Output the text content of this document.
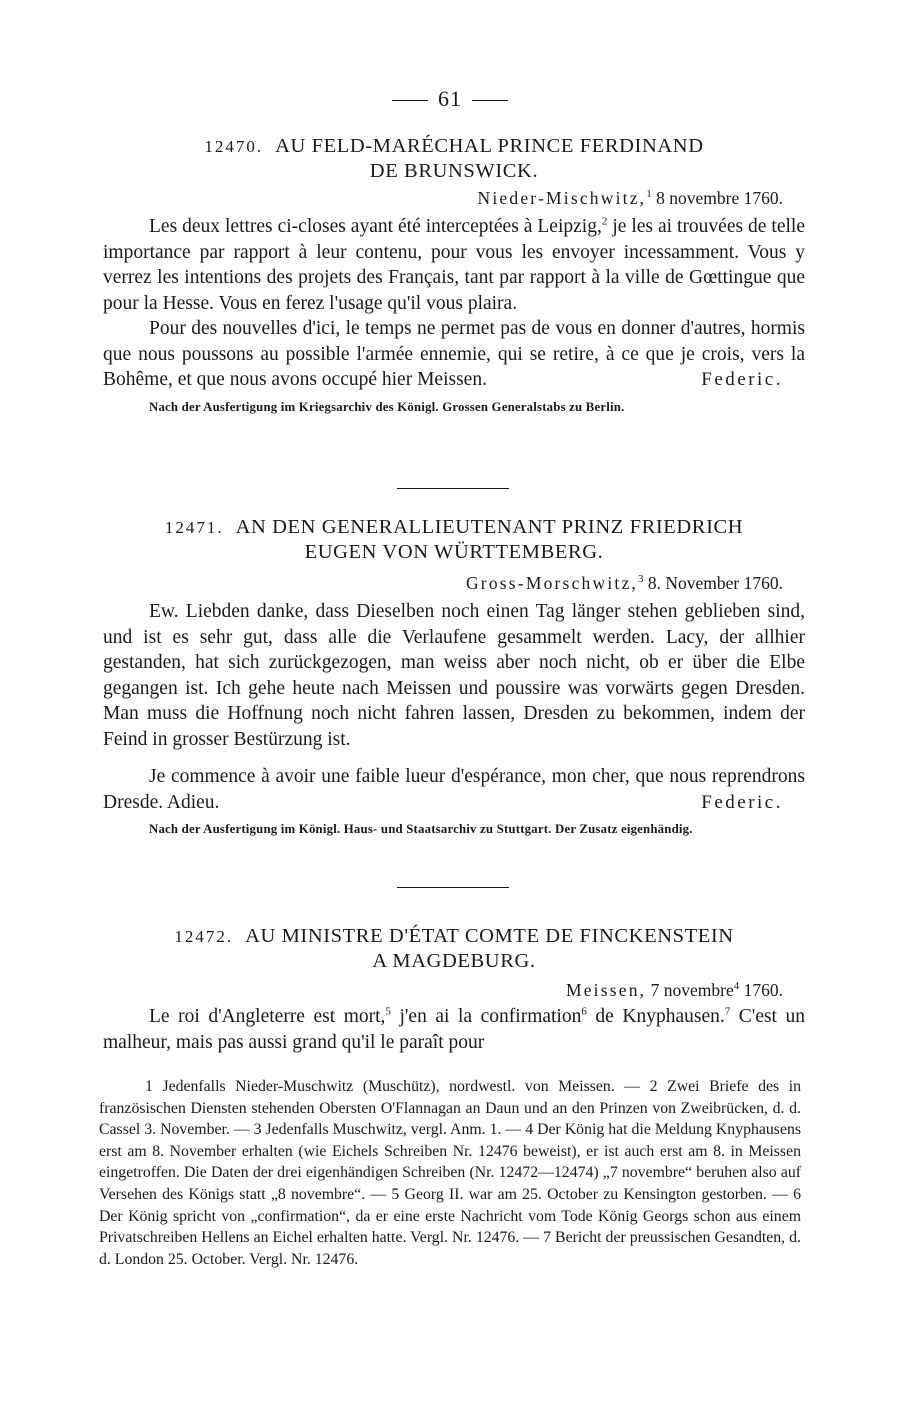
61
12470. AU FELD-MARÉCHAL PRINCE FERDINAND
DE BRUNSWICK.
Nieder-Mischwitz,$^1$ 8 novembre 1760.

Les deux lettres ci-closes ayant été interceptées à Leipzig,$^2$ je les ai trouvées de telle importance par rapport à leur contenu, pour vous les envoyer incessamment. Vous y verrez les intentions des projets des Français, tant par rapport à la ville de Gœttingue que pour la Hesse. Vous en ferez l'usage qu'il vous plaira.

Pour des nouvelles d'ici, le temps ne permet pas de vous en donner d'autres, hormis que nous poussons au possible l'armée ennemie, qui se retire, à ce que je crois, vers la Bohême, et que nous avons occupé hier Meissen.	Federic.

Nach der Ausfertigung im Kriegsarchiv des Königl. Grossen Generalstabs zu Berlin.
12471. AN DEN GENERALLIEUTENANT PRINZ FRIEDRICH
EUGEN VON WÜRTTEMBERG.
Gross-Morschwitz,$^3$ 8. November 1760.

Ew. Liebden danke, dass Dieselben noch einen Tag länger stehen geblieben sind, und ist es sehr gut, dass alle die Verlaufene gesammelt werden. Lacy, der allhier gestanden, hat sich zurückgezogen, man weiss aber noch nicht, ob er über die Elbe gegangen ist. Ich gehe heute nach Meissen und poussire was vorwärts gegen Dresden. Man muss die Hoffnung noch nicht fahren lassen, Dresden zu bekommen, indem der Feind in grosser Bestürzung ist.

Je commence à avoir une faible lueur d'espérance, mon cher, que nous reprendrons Dresde. Adieu.	Federic.

Nach der Ausfertigung im Königl. Haus- und Staatsarchiv zu Stuttgart. Der Zusatz eigenhändig.
12472. AU MINISTRE D'ÉTAT COMTE DE FINCKENSTEIN
A MAGDEBURG.
Meissen, 7 novembre$^4$ 1760.

Le roi d'Angleterre est mort,$^5$ j'en ai la confirmation$^6$ de Knyphausen.$^7$ C'est un malheur, mais pas aussi grand qu'il le paraît pour

1 Jedenfalls Nieder-Muschwitz (Muschütz), nordwestl. von Meissen. — 2 Zwei Briefe des in französischen Diensten stehenden Obersten O'Flannagan an Daun und an den Prinzen von Zweibrücken, d. d. Cassel 3. November. — 3 Jedenfalls Muschwitz, vergl. Anm. 1. — 4 Der König hat die Meldung Knyphausens erst am 8. November erhalten (wie Eichels Schreiben Nr. 12476 beweist), er ist auch erst am 8. in Meissen eingetroffen. Die Daten der drei eigenhändigen Schreiben (Nr. 12472—12474) „7 novembre“ beruhen also auf Versehen des Königs statt „8 novembre“. — 5 Georg II. war am 25. October zu Kensington gestorben. — 6 Der König spricht von „confirmation“, da er eine erste Nachricht vom Tode König Georgs schon aus einem Privatschreiben Hellens an Eichel erhalten hatte. Vergl. Nr. 12476. — 7 Bericht der preussischen Gesandten, d. d. London 25. October. Vergl. Nr. 12476.
